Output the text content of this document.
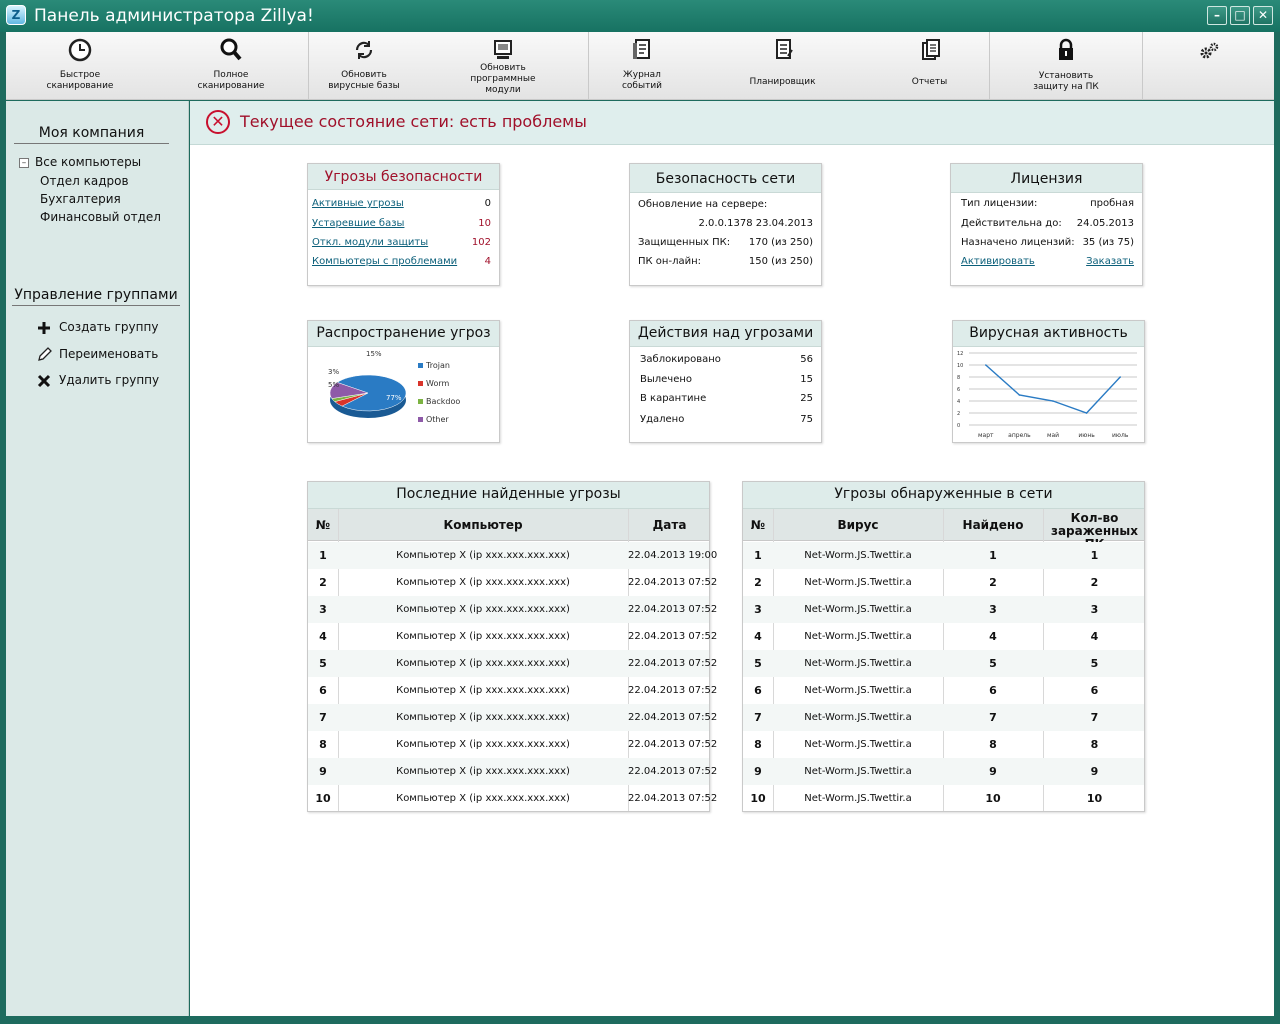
Z Панель администратора Zillya!	–	□	✕
Быстрое
сканирование
Полное
сканирование
Обновить
вирусные базы
Обновить
программные
модули
Журнал
событий	Планировщик	Отчеты
Установить
защиту на ПК
Моя компания
– Все компьютеры
Отдел кадров
Бухгалтерия
Финансовый отдел
Управление группами
Создать группу
Переименовать
Удалить группу
✕ Текущее состояние сети: есть проблемы
Угрозы безопасности
Активные угрозы	0
Устаревшие базы	10
Откл. модули защиты	102
Компьютеры с проблемами	4
Безопасность сети
Обновление на сервере:
2.0.0.1378 23.04.2013
Защищенных ПК: 170 (из 250)
ПК он-лайн:	150 (из 250)
Лицензия
Тип лицензии:	пробная
Действительна до: 24.05.2013
Назначено лицензий: 35 (из 75)
Активировать	Заказать
Распространение угроз
77%
5%
3%
15%
Trojan
Worm
Backdoo
Other
Действия над угрозами
Заблокировано	56
Вылечено	15
В карантине	25
Удалено	75
Вирусная активность
12
10
8
6
4
2
0
март апрель	май	июнь	июль
Последние найденные угрозы
№	Компьютер	Дата
1	Компьютер X (ip xxx.xxx.xxx.xxx)	22.04.2013 19:00
2	Компьютер X (ip xxx.xxx.xxx.xxx)	22.04.2013 07:52
3	Компьютер X (ip xxx.xxx.xxx.xxx)	22.04.2013 07:52
4	Компьютер X (ip xxx.xxx.xxx.xxx)	22.04.2013 07:52
5	Компьютер X (ip xxx.xxx.xxx.xxx)	22.04.2013 07:52
6	Компьютер X (ip xxx.xxx.xxx.xxx)	22.04.2013 07:52
7	Компьютер X (ip xxx.xxx.xxx.xxx)	22.04.2013 07:52
8	Компьютер X (ip xxx.xxx.xxx.xxx)	22.04.2013 07:52
9	Компьютер X (ip xxx.xxx.xxx.xxx)	22.04.2013 07:52
10	Компьютер X (ip xxx.xxx.xxx.xxx)	22.04.2013 07:52
Угрозы обнаруженные в сети
№	Вирус	Найдено	Кол-во
зараженных
1	Net-Worm.JS.Twettir.a	1	1
2	Net-Worm.JS.Twettir.a	2	2
3	Net-Worm.JS.Twettir.a	3	3
4	Net-Worm.JS.Twettir.a	4	4
5	Net-Worm.JS.Twettir.a	5	5
6	Net-Worm.JS.Twettir.a	6	6
7	Net-Worm.JS.Twettir.a	7	7
8	Net-Worm.JS.Twettir.a	8	8
9	Net-Worm.JS.Twettir.a	9	9
10	Net-Worm.JS.Twettir.a	10	10
